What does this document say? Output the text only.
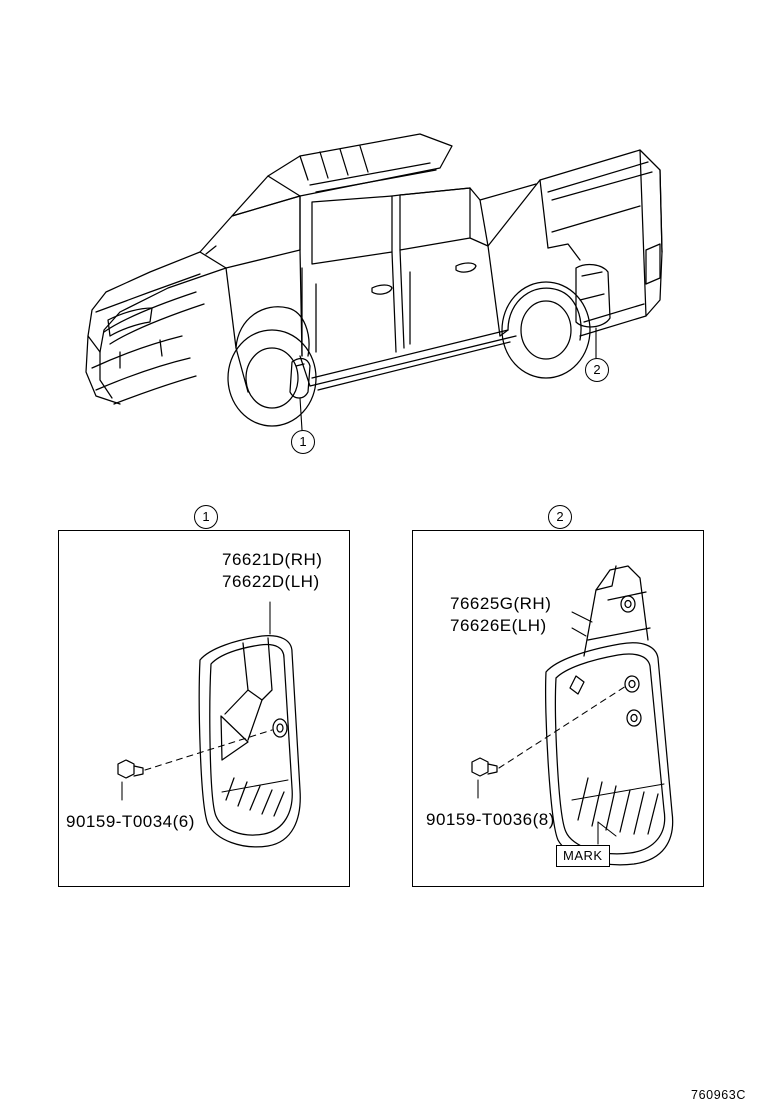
1
2
1
76621D(RH)
76622D(LH)
90159-T0034(6)
2
76625G(RH)
76626E(LH)
90159-T0036(8)
MARK
760963C
